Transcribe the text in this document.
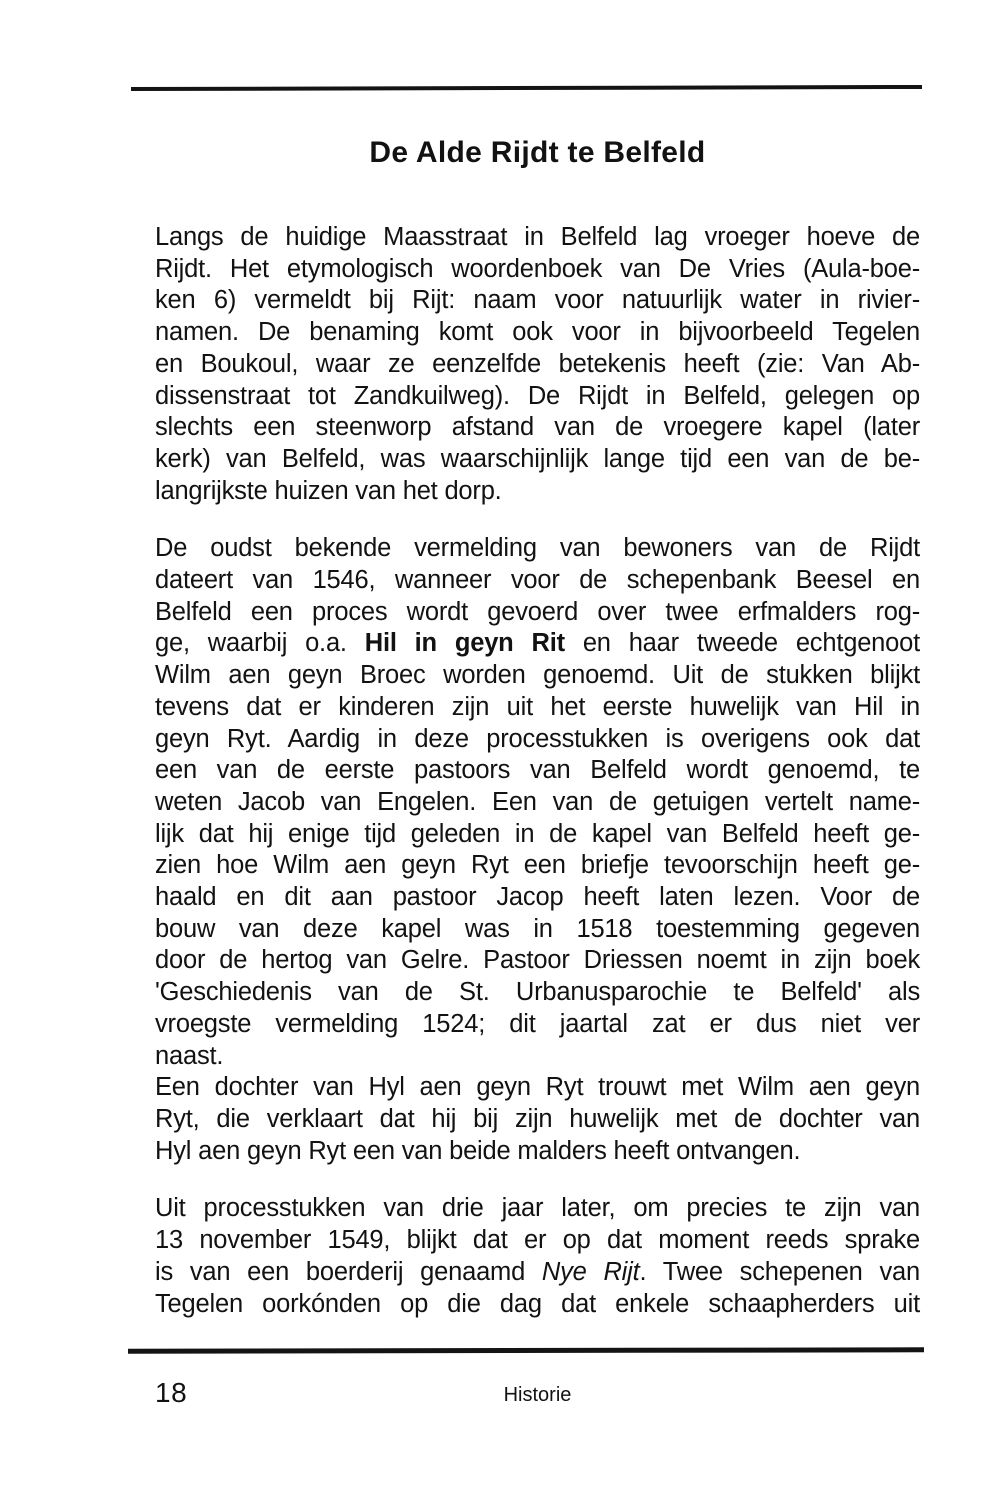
De Alde Rijdt te Belfeld
Langs de huidige Maasstraat in Belfeld lag vroeger hoeve de
Rijdt. Het etymologisch woordenboek van De Vries (Aula-boe-
ken 6) vermeldt bij Rijt: naam voor natuurlijk water in rivier-
namen. De benaming komt ook voor in bijvoorbeeld Tegelen
en Boukoul, waar ze eenzelfde betekenis heeft (zie: Van Ab-
dissenstraat tot Zandkuilweg). De Rijdt in Belfeld, gelegen op
slechts een steenworp afstand van de vroegere kapel (later
kerk) van Belfeld, was waarschijnlijk lange tijd een van de be-
langrijkste huizen van het dorp.
De oudst bekende vermelding van bewoners van de Rijdt
dateert van 1546, wanneer voor de schepenbank Beesel en
Belfeld een proces wordt gevoerd over twee erfmalders rog-
ge, waarbij o.a. Hil in geyn Rit en haar tweede echtgenoot
Wilm aen geyn Broec worden genoemd. Uit de stukken blijkt
tevens dat er kinderen zijn uit het eerste huwelijk van Hil in
geyn Ryt. Aardig in deze processtukken is overigens ook dat
een van de eerste pastoors van Belfeld wordt genoemd, te
weten Jacob van Engelen. Een van de getuigen vertelt name-
lijk dat hij enige tijd geleden in de kapel van Belfeld heeft ge-
zien hoe Wilm aen geyn Ryt een briefje tevoorschijn heeft ge-
haald en dit aan pastoor Jacop heeft laten lezen. Voor de
bouw van deze kapel was in 1518 toestemming gegeven
door de hertog van Gelre. Pastoor Driessen noemt in zijn boek
'Geschiedenis van de St. Urbanusparochie te Belfeld' als
vroegste vermelding 1524; dit jaartal zat er dus niet ver
naast.
Een dochter van Hyl aen geyn Ryt trouwt met Wilm aen geyn
Ryt, die verklaart dat hij bij zijn huwelijk met de dochter van
Hyl aen geyn Ryt een van beide malders heeft ontvangen.
Uit processtukken van drie jaar later, om precies te zijn van
13 november 1549, blijkt dat er op dat moment reeds sprake
is van een boerderij genaamd Nye Rijt. Twee schepenen van
Tegelen oorkónden op die dag dat enkele schaapherders uit
18	Historie
